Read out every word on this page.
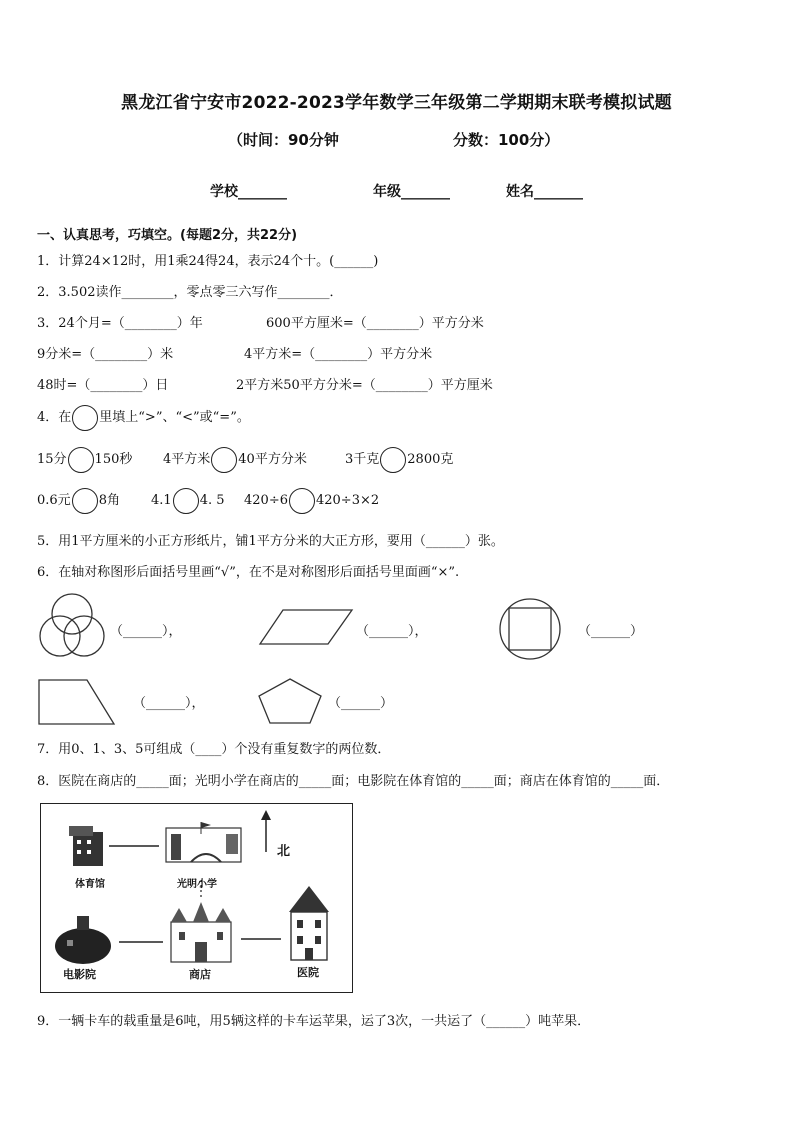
黑龙江省宁安市2022-2023学年数学三年级第二学期期末联考模拟试题
（时间：90分钟	分数：100分）
学校_______	年级_______	姓名_______
一、认真思考，巧填空。(每题2分，共22分)
1．计算24×12时，用1乘24得24，表示24个十。(______)
2．3.502读作________，零点零三六写作________．
3．24个月=（________）年	600平方厘米=（________）平方分米
9分米=（________）米	4平方米=（________）平方分米
48时=（________）日	2平方米50平方分米=（________）平方厘米
4．在 里填上“>”、“<”或“=”。
15分 150秒 4平方米 40平方分米	3千克 2800克
0.6元 8角 4.1 4. 5 420÷6 420÷3×2
5．用1平方厘米的小正方形纸片，铺1平方分米的大正方形，要用（______）张。
6．在轴对称图形后面括号里画“√”，在不是对称图形后面括号里面画“×”.
（______），	（______），	（______）
（______），	（______）
7．用0、1、3、5可组成（____）个没有重复数字的两位数．
8．医院在商店的_____面；光明小学在商店的_____面；电影院在体育馆的_____面；商店在体育馆的_____面．
体育馆	光明小学
北
电影院	商店	医院
9．一辆卡车的载重量是6吨，用5辆这样的卡车运苹果，运了3次，一共运了（______）吨苹果．
